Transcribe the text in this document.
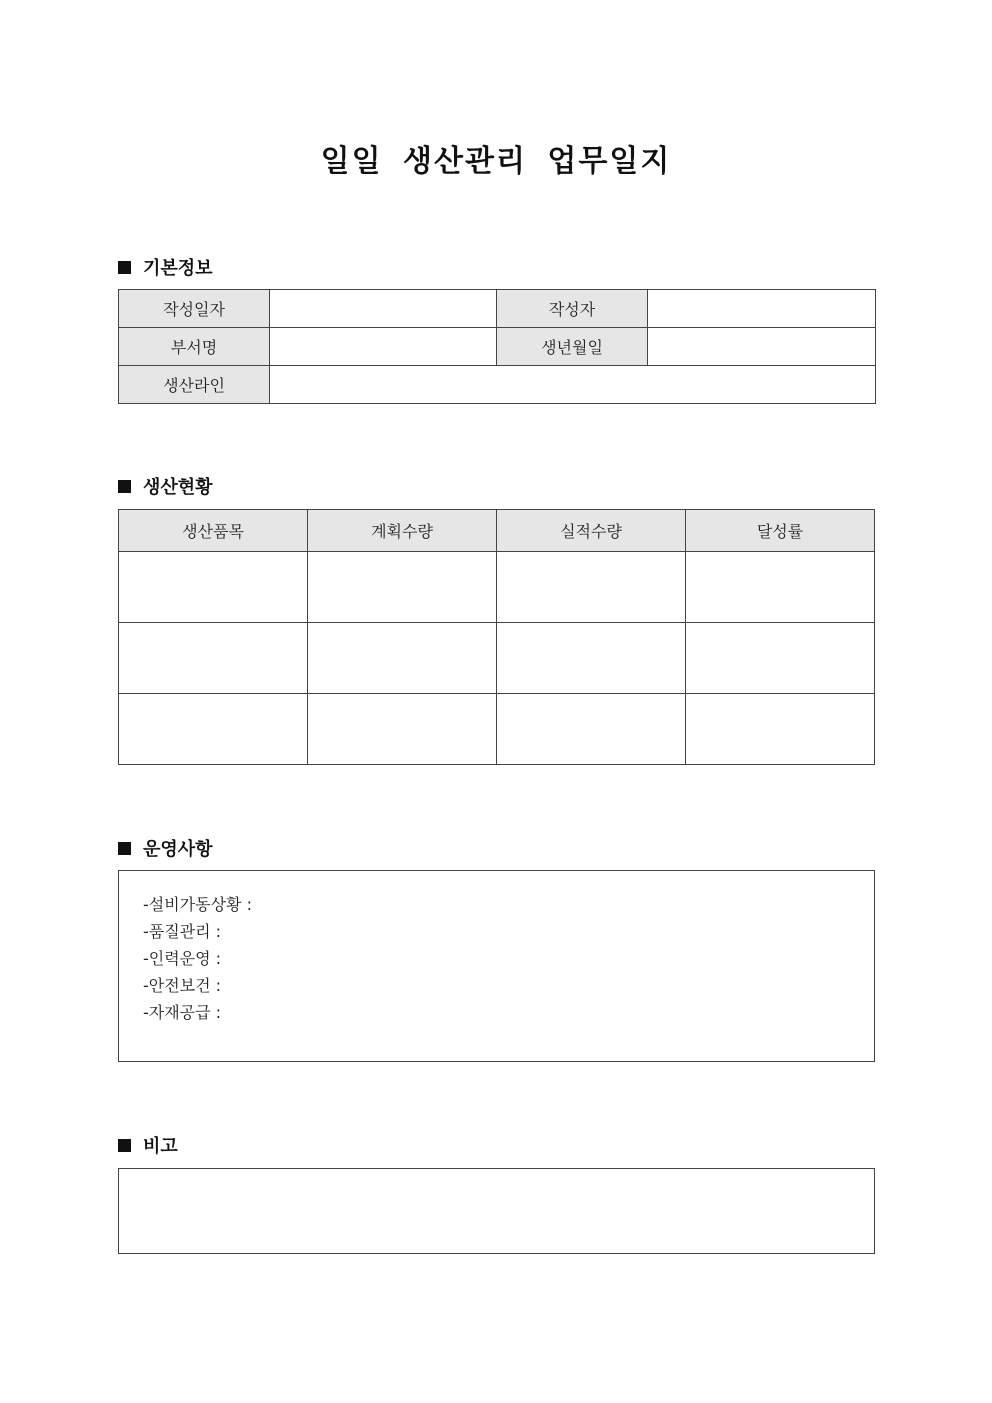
일일 생산관리 업무일지
기본정보
작성일자		작성자	
부서명		생년월일	
생산라인			
생산현황
생산품목	계획수량	실적수량	달성률

운영사항
-설비가동상황 :
-품질관리 :
-인력운영 :
-안전보건 :
-자재공급 :
비고
